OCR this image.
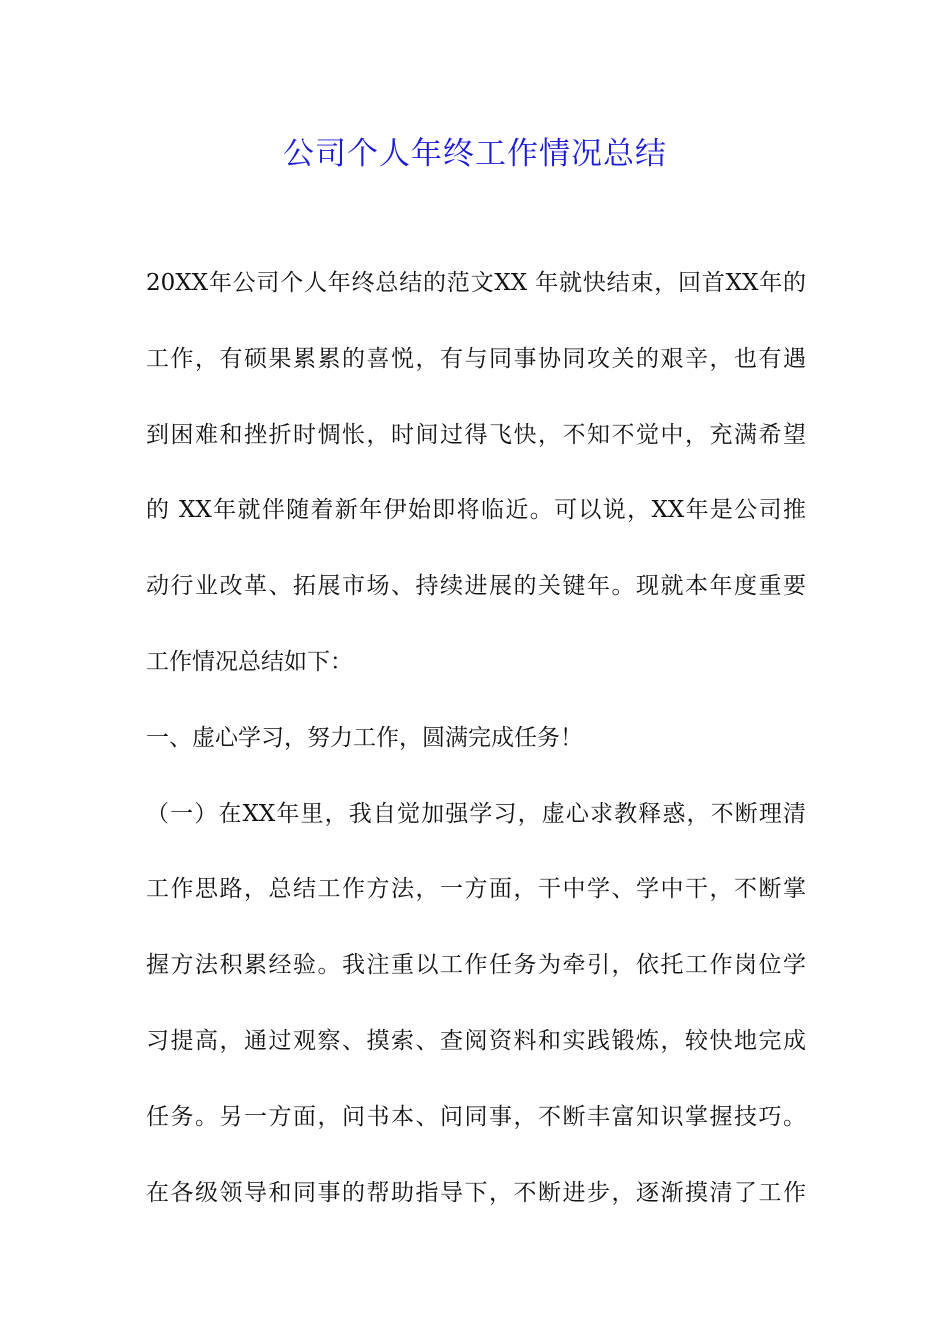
公司个人年终工作情况总结
20XX年公司个人年终总结的范文XX 年就快结束，回首XX年的
工作，有硕果累累的喜悦，有与同事协同攻关的艰辛，也有遇
到困难和挫折时惆怅，时间过得飞快，不知不觉中，充满希望
的 XX年就伴随着新年伊始即将临近。可以说，XX年是公司推
动行业改革、拓展市场、持续进展的关键年。现就本年度重要
工作情况总结如下：
一、虚心学习，努力工作，圆满完成任务！
（一）在XX年里，我自觉加强学习，虚心求教释惑，不断理清
工作思路，总结工作方法，一方面，干中学、学中干，不断掌
握方法积累经验。我注重以工作任务为牵引，依托工作岗位学
习提高，通过观察、摸索、查阅资料和实践锻炼，较快地完成
任务。另一方面，问书本、问同事，不断丰富知识掌握技巧。
在各级领导和同事的帮助指导下，不断进步，逐渐摸清了工作
